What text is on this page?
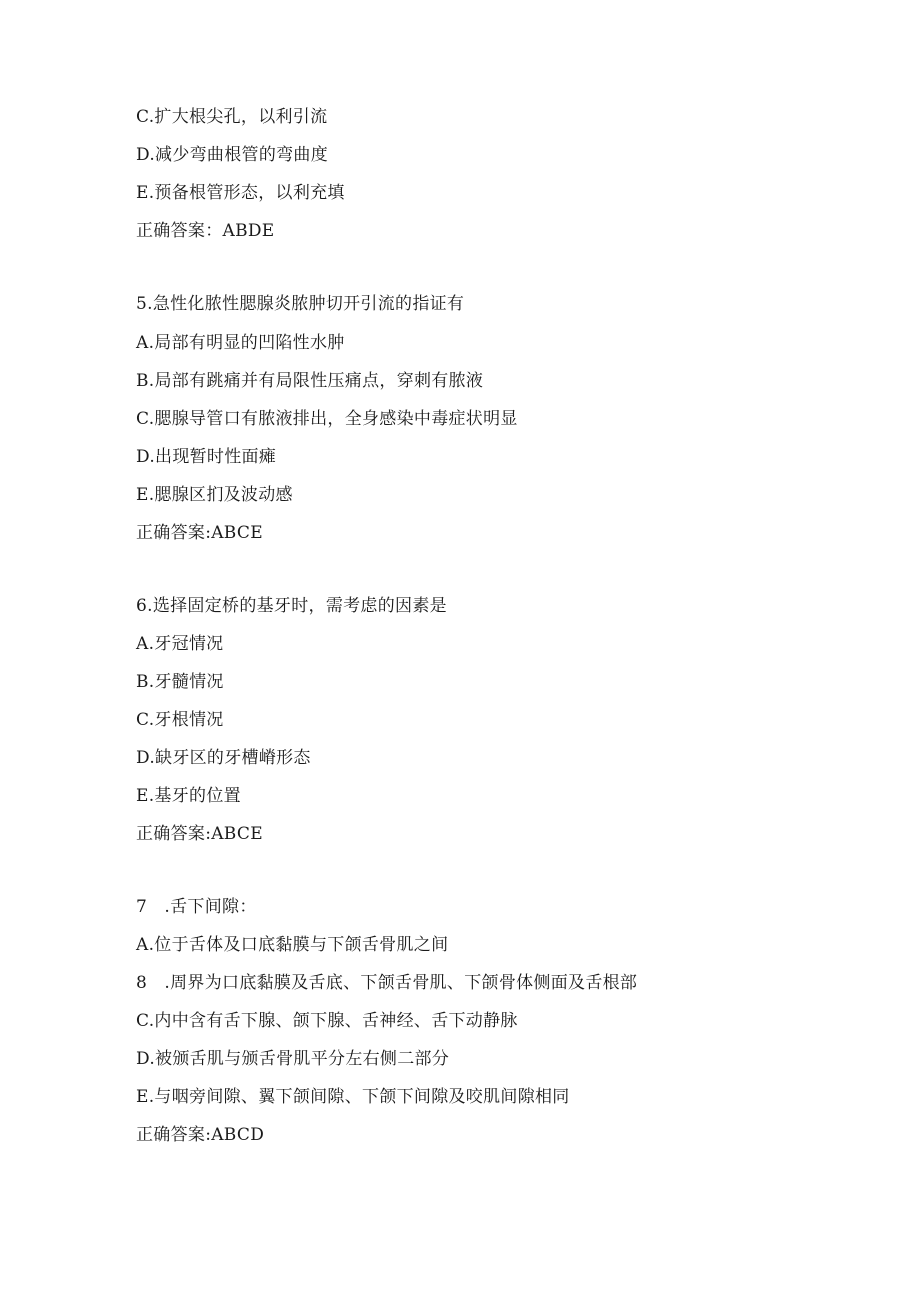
C.扩大根尖孔，以利引流
D.减少弯曲根管的弯曲度
E.预备根管形态，以利充填
正确答案：ABDE
5.急性化脓性腮腺炎脓肿切开引流的指证有
A.局部有明显的凹陷性水肿
B.局部有跳痛并有局限性压痛点，穿刺有脓液
C.腮腺导管口有脓液排出，全身感染中毒症状明显
D.出现暂时性面瘫
E.腮腺区扪及波动感
正确答案:ABCE
6.选择固定桥的基牙时，需考虑的因素是
A.牙冠情况
B.牙髓情况
C.牙根情况
D.缺牙区的牙槽嵴形态
E.基牙的位置
正确答案:ABCE
7　.舌下间隙：
A.位于舌体及口底黏膜与下颌舌骨肌之间
8　.周界为口底黏膜及舌底、下颌舌骨肌、下颌骨体侧面及舌根部
C.内中含有舌下腺、颌下腺、舌神经、舌下动静脉
D.被颁舌肌与颁舌骨肌平分左右侧二部分
E.与咽旁间隙、翼下颌间隙、下颌下间隙及咬肌间隙相同
正确答案:ABCD
